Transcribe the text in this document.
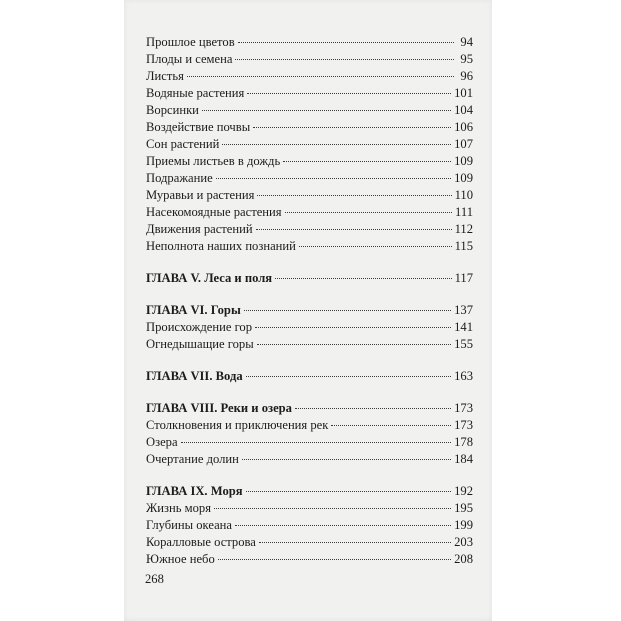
Прошлое цветов	94
Плоды и семена	95
Листья	96
Водяные растения	101
Ворсинки	104
Воздействие почвы	106
Сон растений	107
Приемы листьев в дождь	109
Подражание	109
Муравьи и растения	110
Насекомоядные растения	111
Движения растений	112
Неполнота наших познаний	115
ГЛАВА V. Леса и поля	117
ГЛАВА VI. Горы	137
Происхождение гор	141
Огнедышащие горы	155
ГЛАВА VII. Вода	163
ГЛАВА VIII. Реки и озера	173
Столкновения и приключения рек	173
Озера	178
Очертание долин	184
ГЛАВА IX. Моря	192
Жизнь моря	195
Глубины океана	199
Коралловые острова	203
Южное небо	208
268
